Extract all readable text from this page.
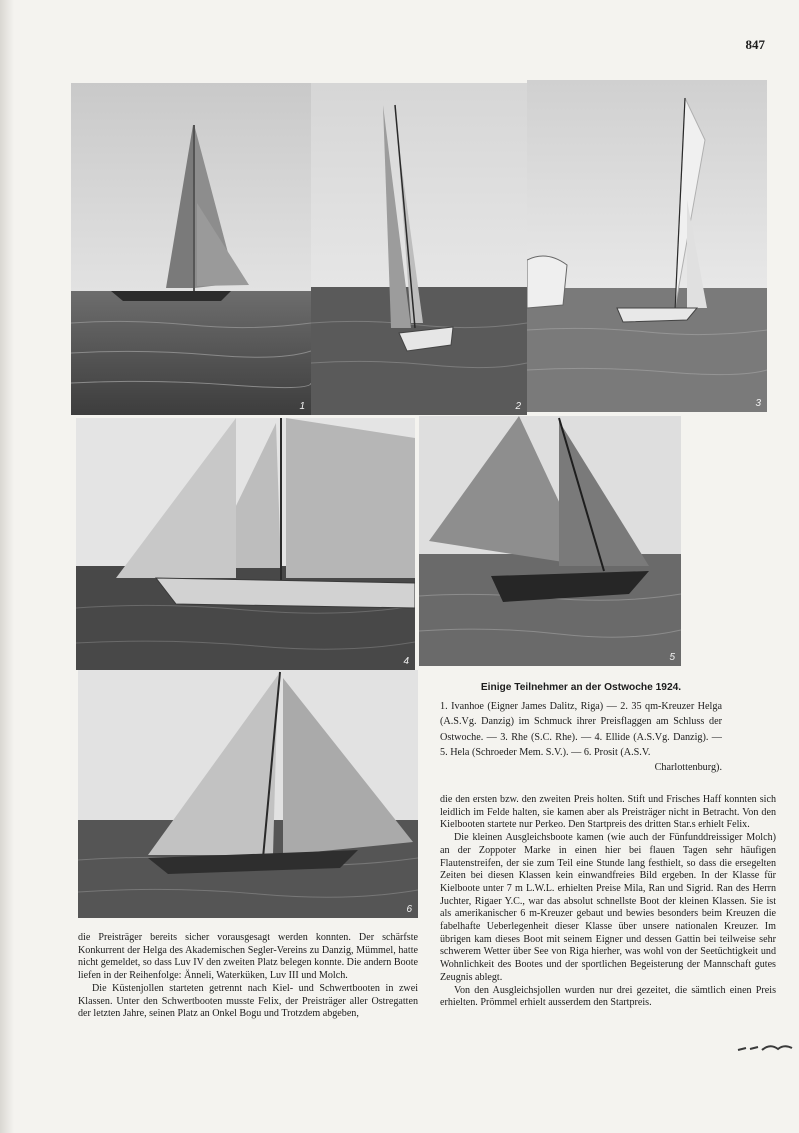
847
1	2	3
4	5
6
Einige Teilnehmer an der Ostwoche 1924.
1. Ivanhoe (Eigner James Dalitz, Riga) — 2. 35 qm-Kreuzer Helga (A.S.Vg. Danzig) im Schmuck ihrer Preisflaggen am Schluss der Ostwoche. — 3. Rhe (S.C. Rhe). — 4. Ellide (A.S.Vg. Danzig). — 5. Hela (Schroeder Mem. S.V.). — 6. Prosit (A.S.V.
Charlottenburg).

die Preisträger bereits sicher vorausgesagt werden konnten. Der schärfste Konkurrent der Helga des Akademischen Segler-Vereins zu Danzig, Mümmel, hatte nicht gemeldet, so dass Luv IV den zweiten Platz belegen konnte. Die andern Boote liefen in der Reihenfolge: Änneli, Waterküken, Luv III und Molch.

Die Küstenjollen starteten getrennt nach Kiel- und Schwertbooten in zwei Klassen. Unter den Schwertbooten musste Felix, der Preisträger aller Ostregatten der letzten Jahre, seinen Platz an Onkel Bogu und Trotzdem abgeben,

die den ersten bzw. den zweiten Preis holten. Stift und Frisches Haff konnten sich leidlich im Felde halten, sie kamen aber als Preisträger nicht in Betracht. Von den Kielbooten startete nur Perkeo. Den Startpreis des dritten Star.s erhielt Felix.

Die kleinen Ausgleichsboote kamen (wie auch der Fünfunddreissiger Molch) an der Zoppoter Marke in einen hier bei flauen Tagen sehr häufigen Flautenstreifen, der sie zum Teil eine Stunde lang festhielt, so dass die ersegelten Zeiten bei diesen Klassen kein einwandfreies Bild ergeben. In der Klasse für Kielboote unter 7 m L.W.L. erhielten Preise Mila, Ran und Sigrid. Ran des Herrn Juchter, Rigaer Y.C., war das absolut schnellste Boot der kleinen Klassen. Sie ist als amerikanischer 6 m-Kreuzer gebaut und bewies besonders beim Kreuzen die fabelhafte Ueberlegenheit dieser Klasse über unsere nationalen Kreuzer. Im übrigen kam dieses Boot mit seinem Eigner und dessen Gattin bei teilweise sehr schwerem Wetter über See von Riga hierher, was wohl von der Seetüchtigkeit und Wohnlichkeit des Bootes und der sportlichen Begeisterung der Mannschaft gutes Zeugnis ablegt.

Von den Ausgleichsjollen wurden nur drei gezeitet, die sämtlich einen Preis erhielten. Prömmel erhielt ausserdem den Startpreis.
